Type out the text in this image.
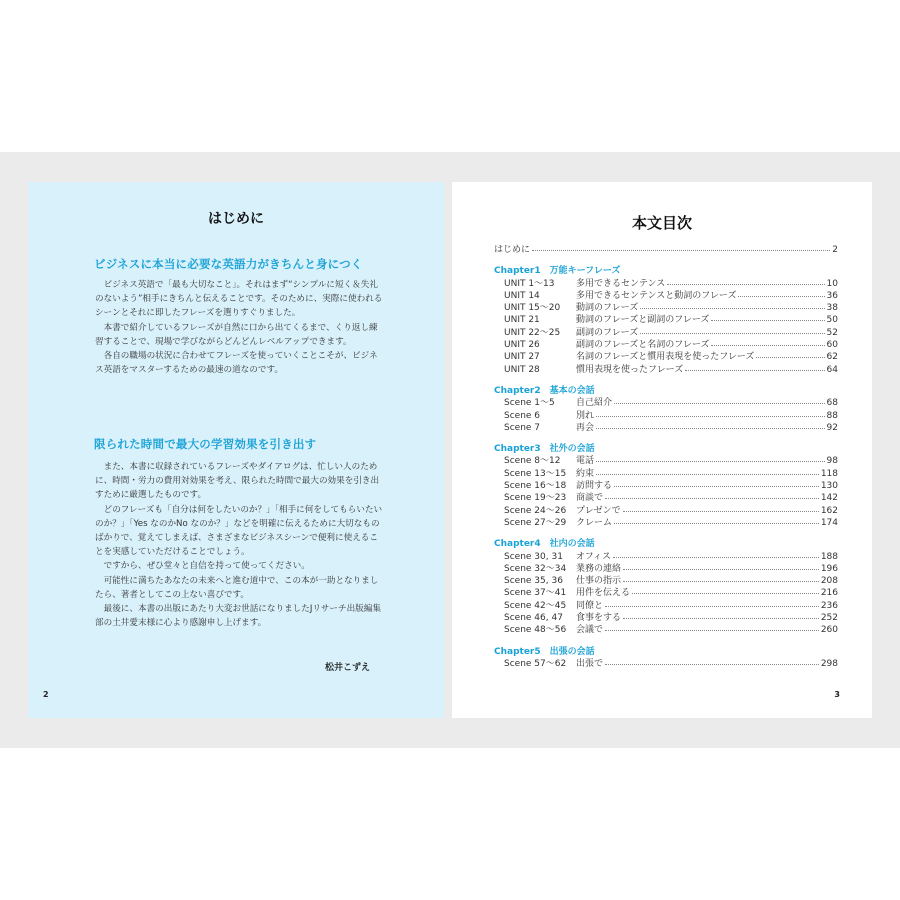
はじめに
ビジネスに本当に必要な英語力がきちんと身につく

ビジネス英語で「最も大切なこと」。それはまず“シンプルに短く＆失礼のないよう”相手にきちんと伝えることです。そのために、実際に使われるシーンとそれに即したフレーズを選りすぐりました。

本書で紹介しているフレーズが自然に口から出てくるまで、くり返し練習することで、現場で学びながらどんどんレベルアップできます。

各自の職場の状況に合わせてフレーズを使っていくことこそが、ビジネス英語をマスターするための最速の道なのです。

限られた時間で最大の学習効果を引き出す

また、本書に収録されているフレーズやダイアログは、忙しい人のために、時間・労力の費用対効果を考え、限られた時間で最大の効果を引き出すために厳選したものです。

どのフレーズも「自分は何をしたいのか？」「相手に何をしてもらいたいのか？」「Yes なのかNo なのか？」などを明確に伝えるために大切なものばかりで、覚えてしまえば、さまざまなビジネスシーンで便利に使えることを実感していただけることでしょう。

ですから、ぜひ堂々と自信を持って使ってください。

可能性に満ちたあなたの未来へと進む道中で、この本が一助となりましたら、著者としてこの上ない喜びです。

最後に、本書の出版にあたり大変お世話になりましたJリサーチ出版編集部の土井愛末様に心より感謝申し上げます。

松井こずえ
2
本文目次
はじめに	2
Chapter1　万能キーフレーズ
UNIT 1～13	多用できるセンテンス	10
UNIT 14	多用できるセンテンスと動詞のフレーズ	36
UNIT 15～20	動詞のフレーズ	38
UNIT 21	動詞のフレーズと副詞のフレーズ	50
UNIT 22～25	副詞のフレーズ	52
UNIT 26	副詞のフレーズと名詞のフレーズ	60
UNIT 27	名詞のフレーズと慣用表現を使ったフレーズ	62
UNIT 28	慣用表現を使ったフレーズ	64
Chapter2　基本の会話
Scene 1～5	自己紹介	68
Scene 6	別れ	88
Scene 7	再会	92
Chapter3　社外の会話
Scene 8～12	電話	98
Scene 13～15	約束	118
Scene 16～18	訪問する	130
Scene 19～23	商談で	142
Scene 24～26	プレゼンで	162
Scene 27～29	クレーム	174
Chapter4　社内の会話
Scene 30, 31	オフィス	188
Scene 32～34	業務の連絡	196
Scene 35, 36	仕事の指示	208
Scene 37～41	用件を伝える	216
Scene 42～45	同僚と	236
Scene 46, 47	食事をする	252
Scene 48～56	会議で	260
Chapter5　出張の会話
Scene 57～62	出張で	298
3
